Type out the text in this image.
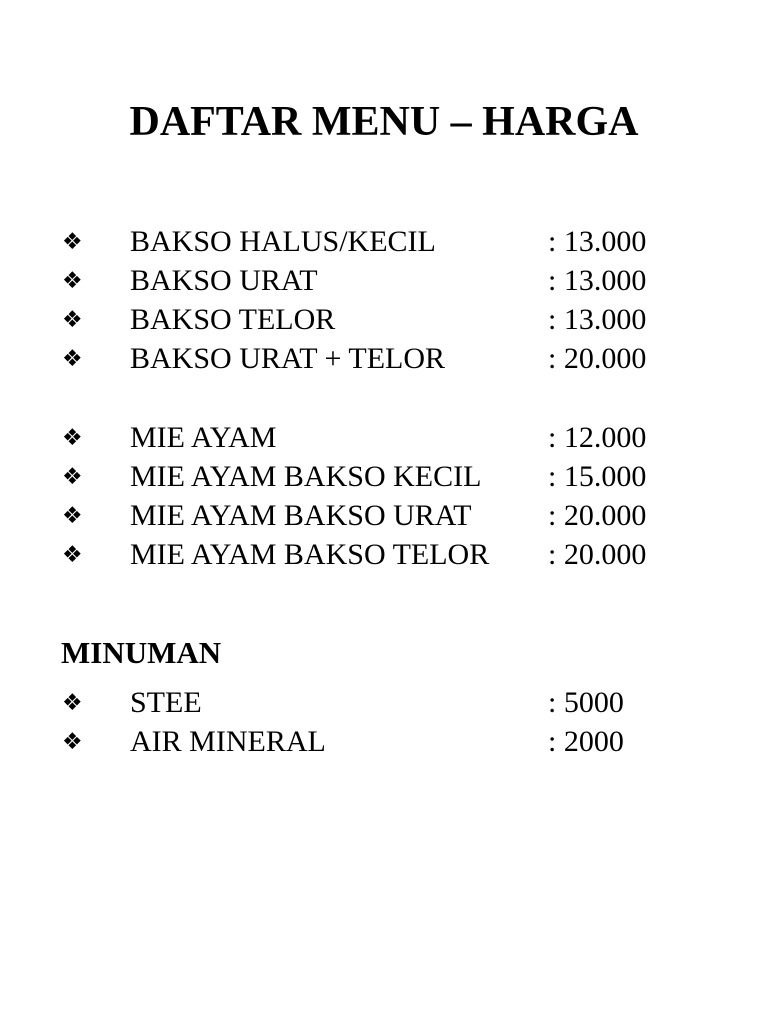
DAFTAR MENU – HARGA
❖ BAKSO HALUS/KECIL	: 13.000
❖ BAKSO URAT	: 13.000
❖ BAKSO TELOR	: 13.000
❖ BAKSO URAT + TELOR	: 20.000
❖ MIE AYAM	: 12.000
❖ MIE AYAM BAKSO KECIL : 15.000
❖ MIE AYAM BAKSO URAT	: 20.000
❖ MIE AYAM BAKSO TELOR : 20.000
MINUMAN
❖ STEE	: 5000
❖ AIR MINERAL	: 2000
